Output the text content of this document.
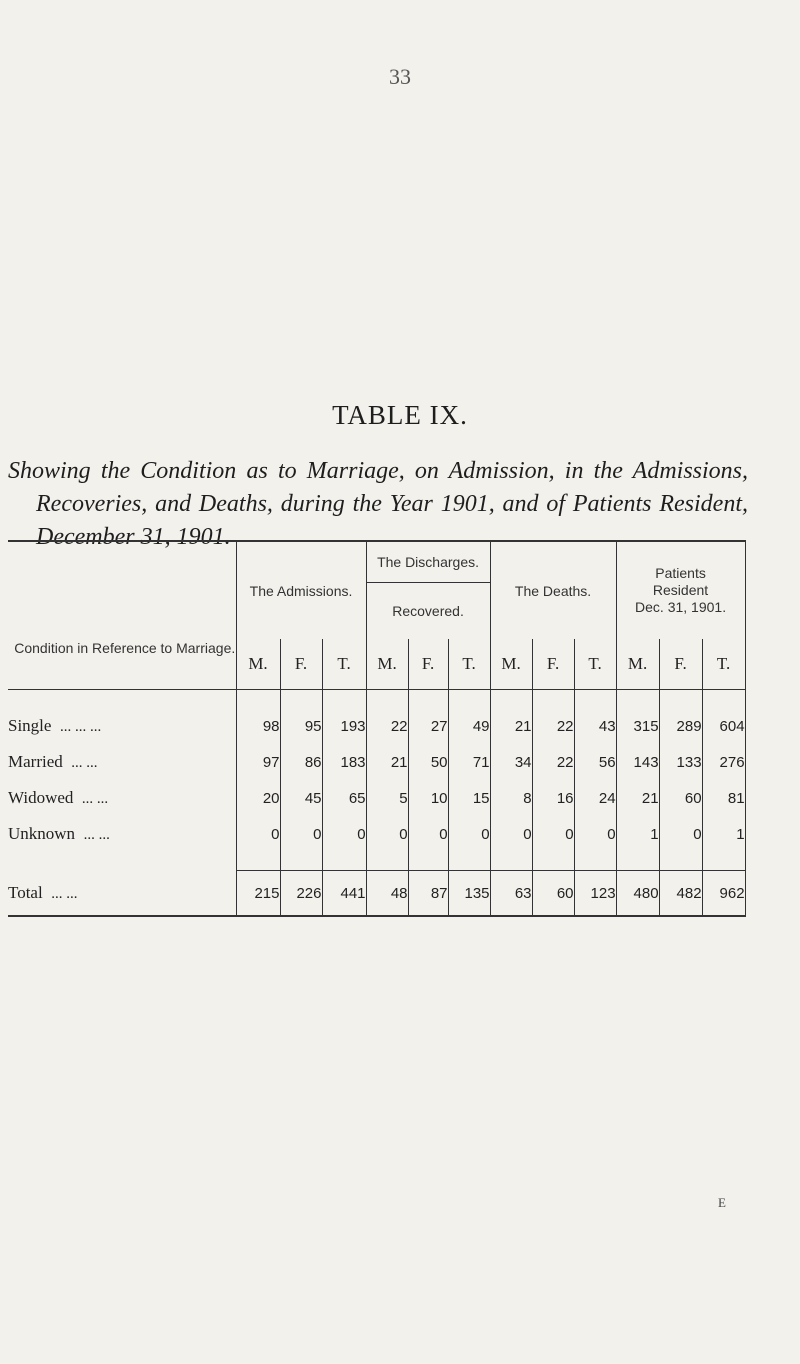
33
TABLE IX.
Showing the Condition as to Marriage, on Admission, in the Admissions,
Recoveries, and Deaths, during the Year 1901, and of Patients Resident,
December 31, 1901.
Condition in Reference to Marriage.	The Admissions.			The Discharges.			The Deaths.			Patients
Resident
Dec. 31, 1901.		

				Recovered.								
	M.	F.	T.	M.	F.	T.	M.	F.	T.	M.	F.	T.

Single ... ... ...	98	95	193	22	27	49	21	22	43	315	289	604
Married ... ...	97	86	183	21	50	71	34	22	56	143	133	276
Widowed ... ...	20	45	65	5	10	15	8	16	24	21	60	81
Unknown ... ...	0	0	0	0	0	0	0	0	0	1	0	1

Total ... ...	215	226	441	48	87	135	63	60	123	480	482	962
E
